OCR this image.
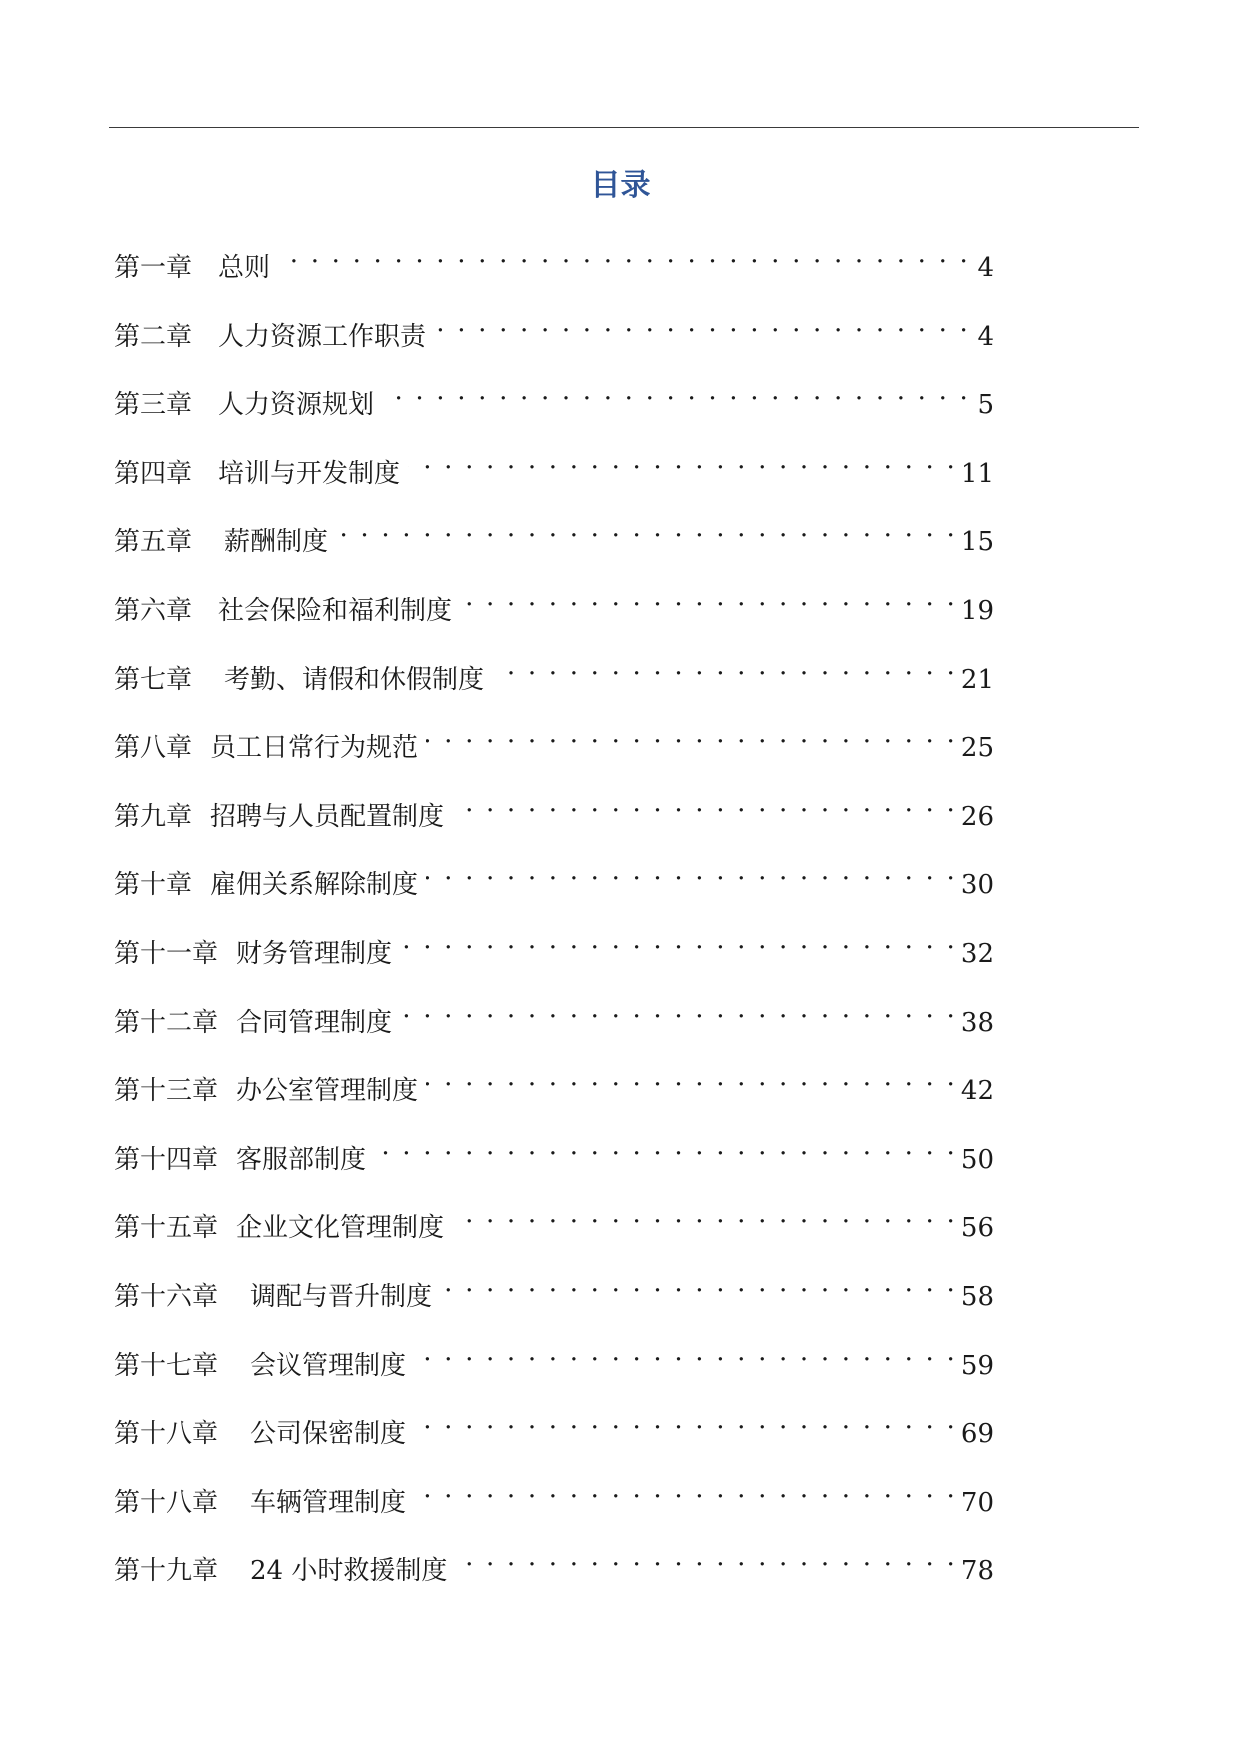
目录
第一章 总则 . . .	4
第二章 人力资源工作职责 . . .	4
第三章 人力资源规划 . . .	5
第四章 培训与开发制度 . . .	11
第五章 薪酬制度 . . .	15
第六章 社会保险和福利制度 . . .	19
第七章 考勤、请假和休假制度 . . .	21
第八章 员工日常行为规范 . . .	25
第九章 招聘与人员配置制度 . . .	26
第十章 雇佣关系解除制度 . . .	30
第十一章 财务管理制度 . . .	32
第十二章 合同管理制度 . . .	38
第十三章 办公室管理制度 . . .	42
第十四章 客服部制度 . . .	50
第十五章 企业文化管理制度 . . .	56
第十六章 调配与晋升制度 . . .	58
第十七章 会议管理制度 . . .	59
第十八章 公司保密制度 . . .	69
第十八章 车辆管理制度 . . .	70
第十九章 24 小时救援制度 . . .	78
